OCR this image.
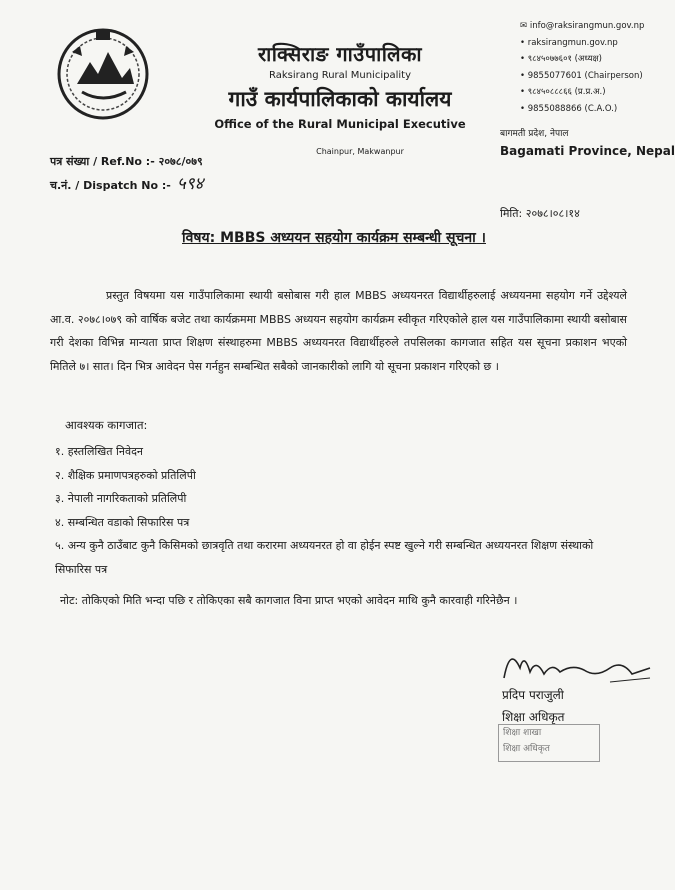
राक्सिराङ गाउँपालिका
Raksirang Rural Municipality
गाउँ कार्यपालिकाको कार्यालय
Office of the Rural Municipal Executive
Chainpur, Makwanpur
✉ info@raksirangmun.gov.np
• raksirangmun.gov.np
• ९८४५०७७६०१ (अध्यक्ष)
• 9855077601 (Chairperson)
• ९८४५०८८८६६ (प्र.प्र.अ.)
• 9855088866 (C.A.O.)
बागमती प्रदेश, नेपाल
Bagamati Province, Nepal
पत्र संख्या / Ref.No :- २०७८/०७९
च.नं. / Dispatch No :- ५९४
मिति: २०७८।०८।१४
विषय: MBBS अध्ययन सहयोग कार्यक्रम सम्बन्धी सूचना ।
प्रस्तुत विषयमा यस गाउँपालिकामा स्थायी बसोबास गरी हाल MBBS अध्ययनरत विद्यार्थीहरुलाई अध्ययनमा सहयोग गर्ने उद्देश्यले आ.व. २०७८।०७९ को वार्षिक बजेट तथा कार्यक्रममा MBBS अध्ययन सहयोग कार्यक्रम स्वीकृत गरिएकोले हाल यस गाउँपालिकामा स्थायी बसोबास गरी देशका विभिन्न मान्यता प्राप्त शिक्षण संस्थाहरुमा MBBS अध्ययनरत विद्यार्थीहरुले तपसिलका कागजात सहित यस सूचना प्रकाशन भएको मितिले ७। सात। दिन भित्र आवेदन पेस गर्नहुन सम्बन्धित सबैको जानकारीको लागि यो सूचना प्रकाशन गरिएको छ ।
आवश्यक कागजात:
१. हस्तलिखित निवेदन
२. शैक्षिक प्रमाणपत्रहरुको प्रतिलिपी
३. नेपाली नागरिकताको प्रतिलिपी
४. सम्बन्धित वडाको सिफारिस पत्र
५. अन्य कुनै ठाउँबाट कुनै किसिमको छात्रवृति तथा करारमा अध्ययनरत हो वा होईन स्पष्ट खुल्ने गरी सम्बन्धित अध्ययनरत शिक्षण संस्थाको सिफारिस पत्र
नोट: तोकिएको मिति भन्दा पछि र तोकिएका सबै कागजात विना प्राप्त भएको आवेदन माथि कुनै कारवाही गरिनेछैन ।
प्रदिप पराजुली
शिक्षा अधिकृत
शिक्षा शाखा
शिक्षा अधिकृत
